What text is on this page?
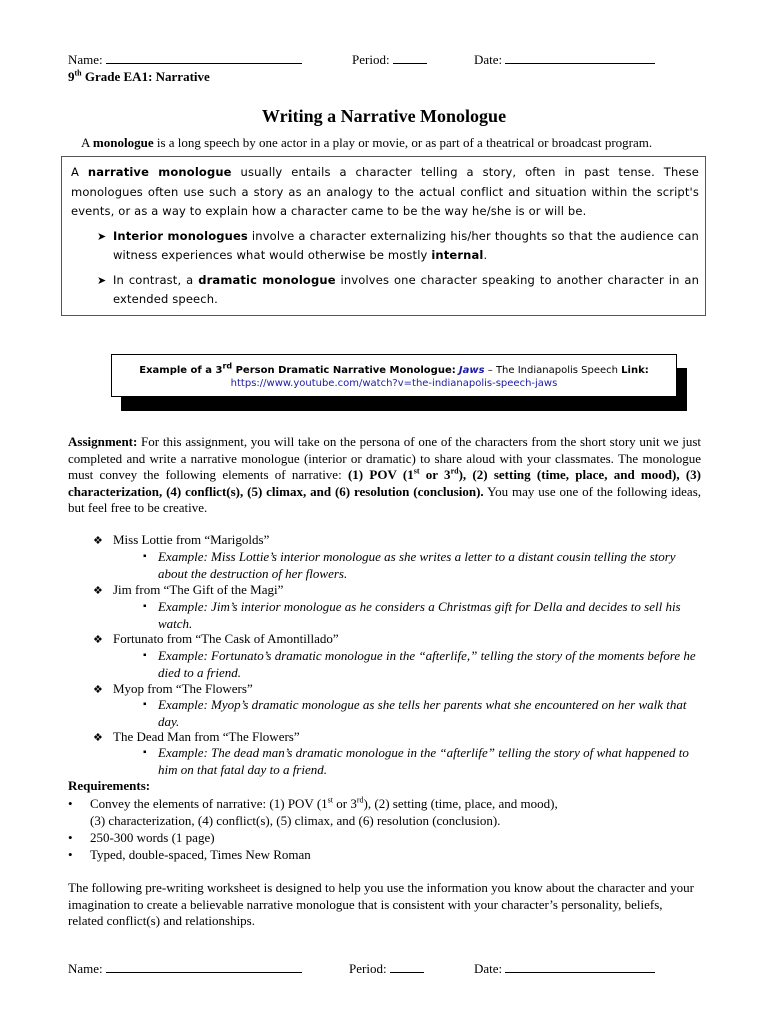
Name:	Period:	Date:
9th Grade EA1: Narrative
Writing a Narrative Monologue
A monologue is a long speech by one actor in a play or movie, or as part of a theatrical or broadcast program.

A narrative monologue usually entails a character telling a story, often in past tense. These monologues often use such a story as an analogy to the actual conflict and situation within the script's events, or as a way to explain how a character came to be the way he/she is or will be.

➤ Interior monologues involve a character externalizing his/her thoughts so that the audience can witness experiences what would otherwise be mostly internal.

➤ In contrast, a dramatic monologue involves one character speaking to another character in an extended speech.

Example of a 3rd Person Dramatic Narrative Monologue: Jaws – The Indianapolis Speech Link:
https://www.youtube.com/watch?v=the-indianapolis-speech-jaws
Assignment: For this assignment, you will take on the persona of one of the characters from the short story unit we just completed and write a narrative monologue (interior or dramatic) to share aloud with your classmates. The monologue must convey the following elements of narrative: (1) POV (1st or 3rd), (2) setting (time, place, and mood), (3) characterization, (4) conflict(s), (5) climax, and (6) resolution (conclusion). You may use one of the following ideas, but feel free to be creative.
❖ Miss Lottie from “Marigolds”
▪ Example: Miss Lottie’s interior monologue as she writes a letter to a distant cousin telling the story about the destruction of her flowers.
❖ Jim from “The Gift of the Magi”
▪ Example: Jim’s interior monologue as he considers a Christmas gift for Della and decides to sell his watch.
❖ Fortunato from “The Cask of Amontillado”
▪ Example: Fortunato’s dramatic monologue in the “afterlife,” telling the story of the moments before he died to a friend.
❖ Myop from “The Flowers”
▪ Example: Myop’s dramatic monologue as she tells her parents what she encountered on her walk that day.
❖ The Dead Man from “The Flowers”
▪ Example: The dead man’s dramatic monologue in the “afterlife” telling the story of what happened to him on that fatal day to a friend.
Requirements:
•	Convey the elements of narrative: (1) POV (1st or 3rd), (2) setting (time, place, and mood),
(3) characterization, (4) conflict(s), (5) climax, and (6) resolution (conclusion).
•	250-300 words (1 page)
•	Typed, double-spaced, Times New Roman
The following pre-writing worksheet is designed to help you use the information you know about the character and your imagination to create a believable narrative monologue that is consistent with your character’s personality, beliefs, related conflict(s) and relationships.
Name:	Period:	Date:
